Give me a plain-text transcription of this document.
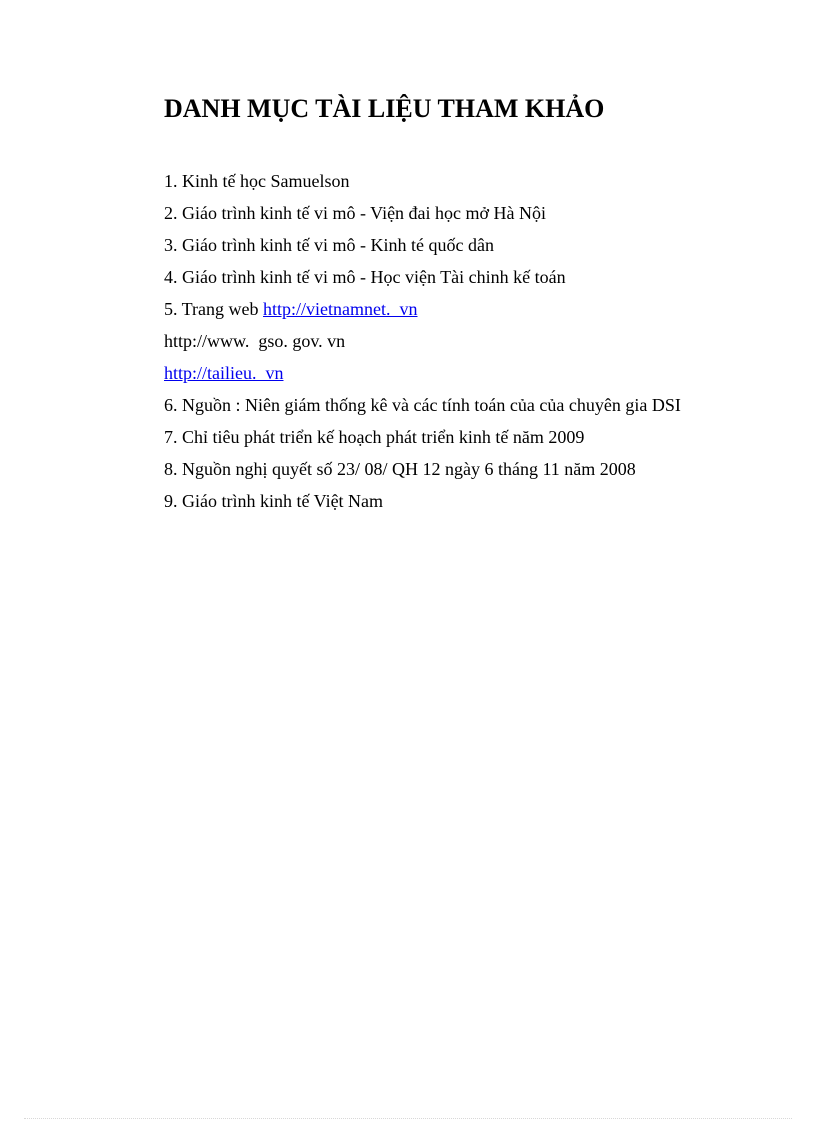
DANH MỤC TÀI LIỆU THAM KHẢO
1. Kinh tế học Samuelson
2. Giáo trình kinh tế vi mô - Viện đai học mở Hà Nội
3. Giáo trình kinh tế vi mô - Kinh té quốc dân
4. Giáo trình kinh tế vi mô - Học viện Tài chinh kế toán
5. Trang web http://vietnamnet.  vn
http://www.  gso. gov. vn
http://tailieu.  vn
6. Nguồn : Niên giám thống kê và các tính toán của của chuyên gia DSI
7. Chỉ tiêu phát triển kế hoạch phát triển kinh tế năm 2009
8. Nguồn nghị quyết số 23/ 08/ QH 12 ngày 6 tháng 11 năm 2008
9. Giáo trình kinh tế Việt Nam
